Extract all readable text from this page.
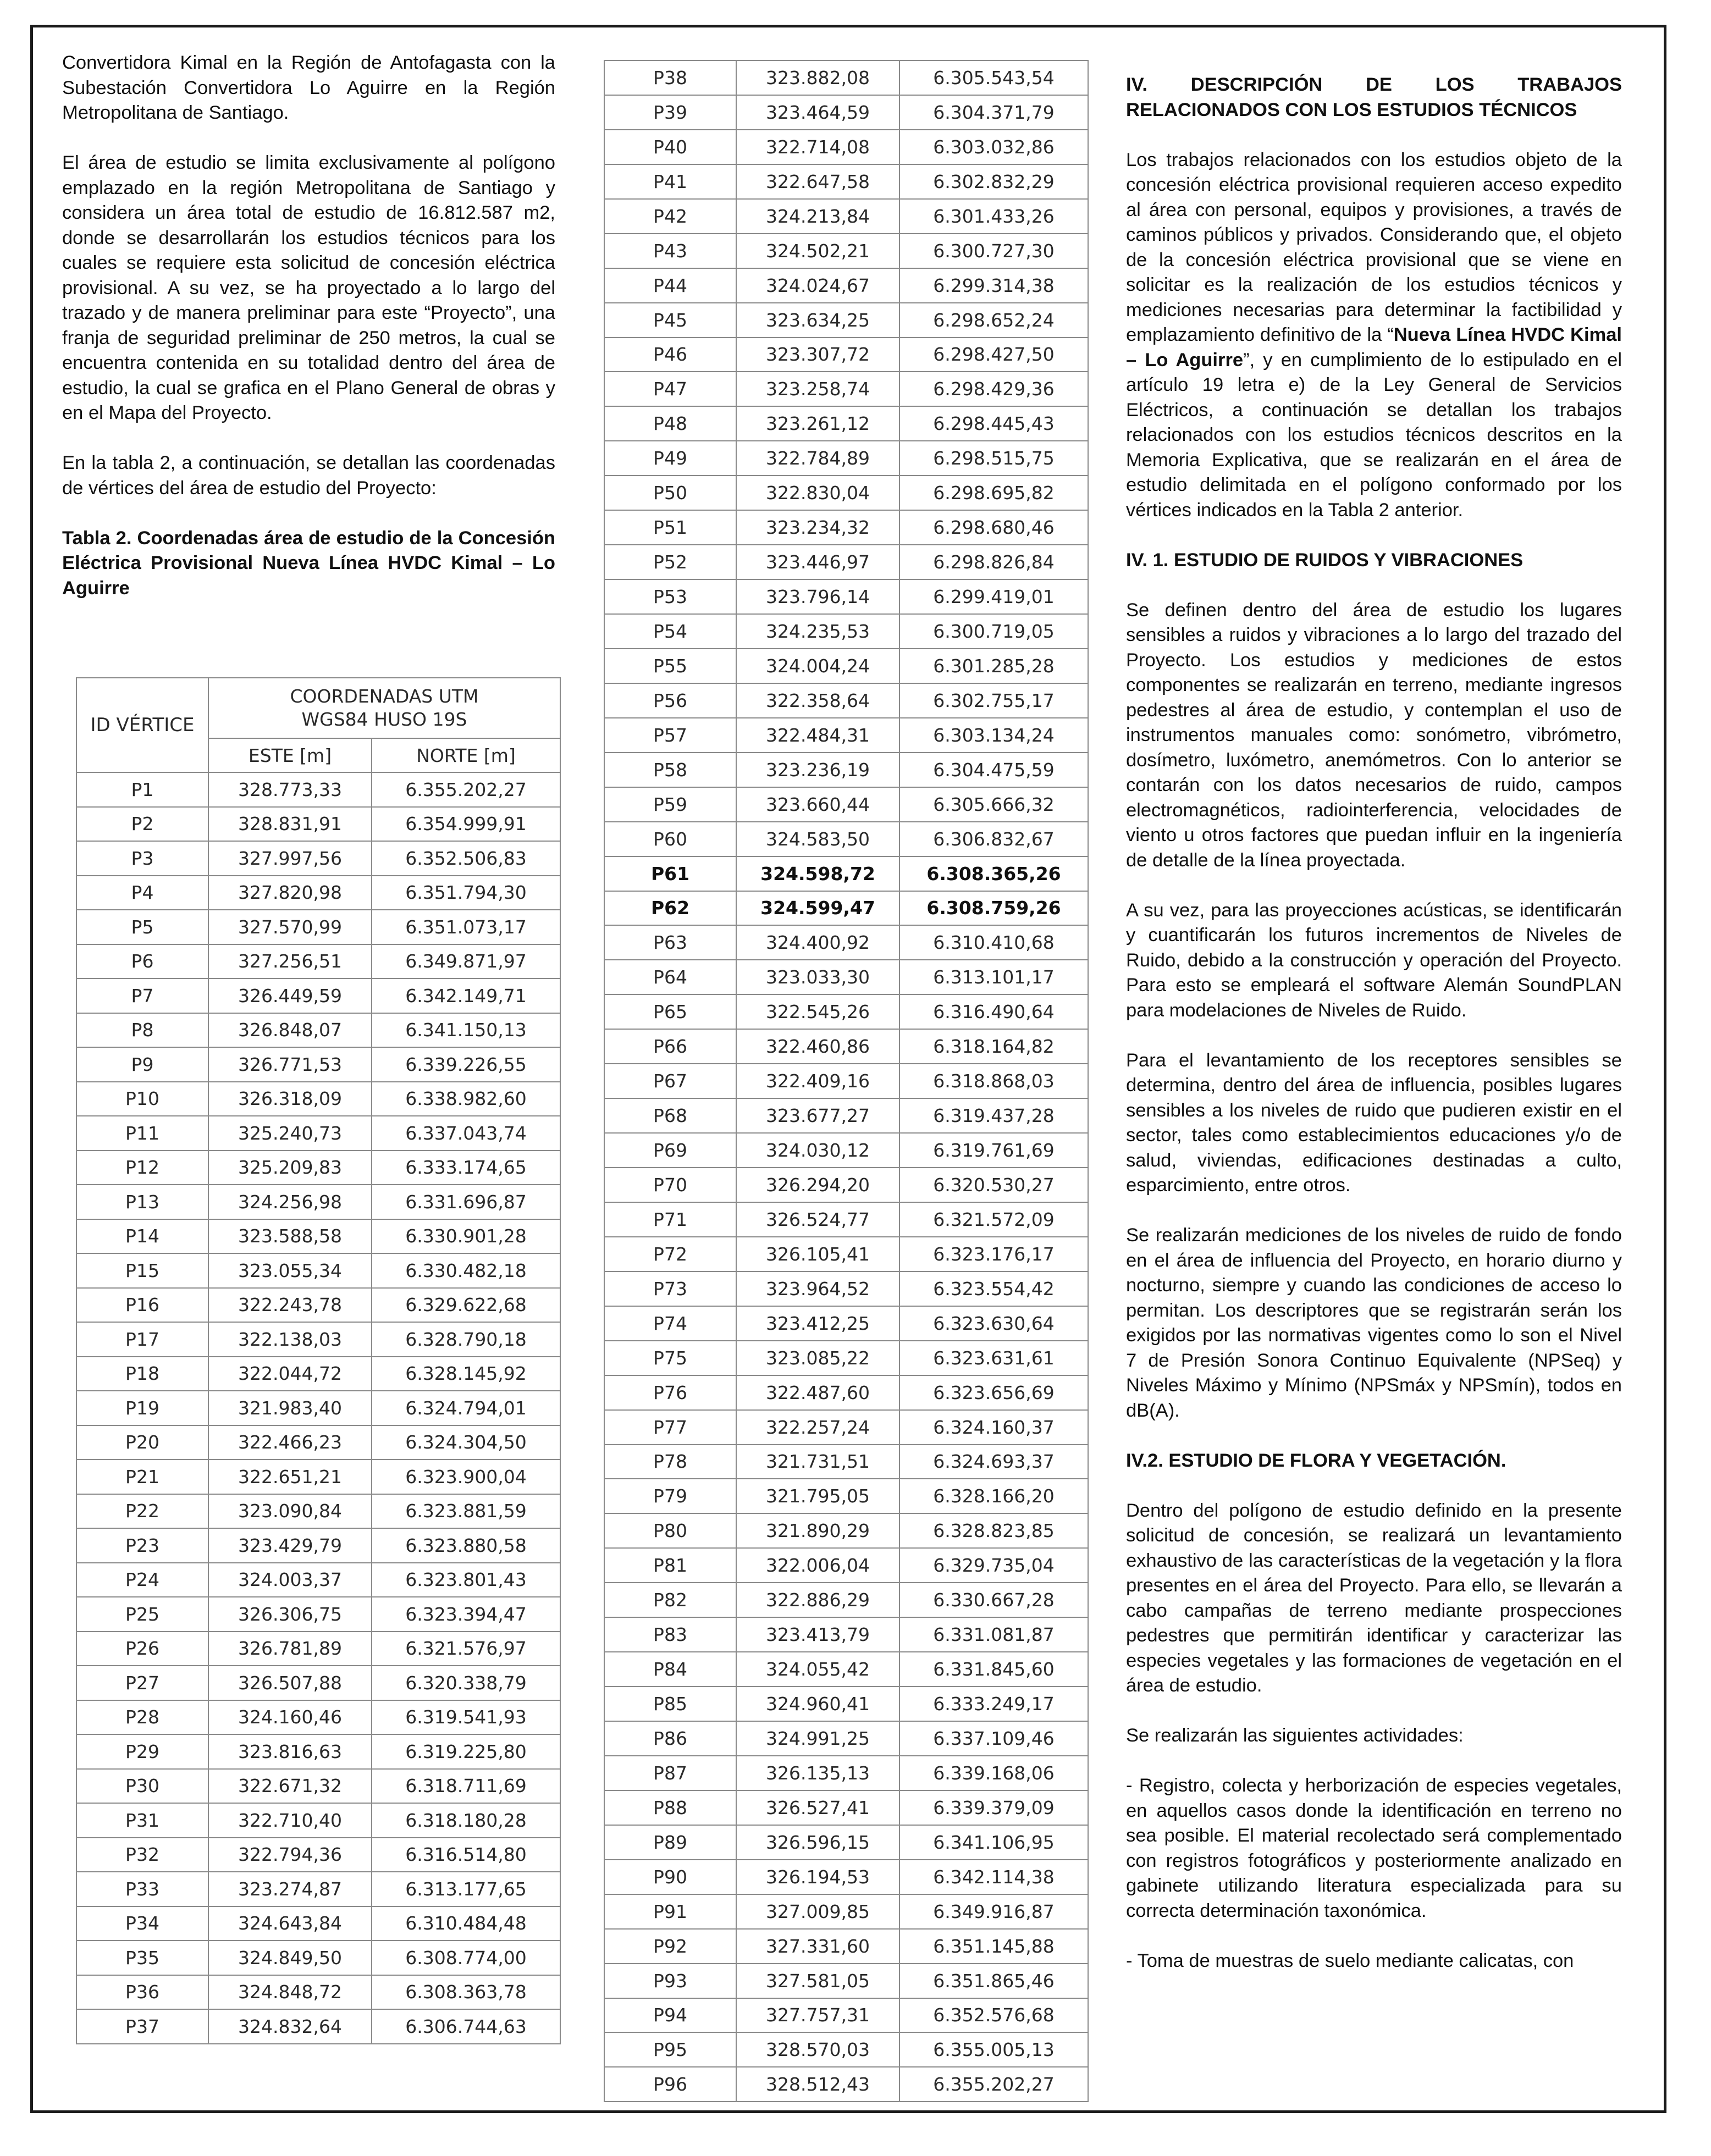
Convertidora Kimal en la Región de Antofagasta con la Subestación Convertidora Lo Aguirre en la Región Metropolitana de Santiago.

El área de estudio se limita exclusivamente al polígono emplazado en la región Metropolitana de Santiago y considera un área total de estudio de 16.812.587 m2, donde se desarrollarán los estudios técnicos para los cuales se requiere esta solicitud de concesión eléctrica provisional. A su vez, se ha proyectado a lo largo del trazado y de manera preliminar para este “Proyecto”, una franja de seguridad preliminar de 250 metros, la cual se encuentra contenida en su totalidad dentro del área de estudio, la cual se grafica en el Plano General de obras y en el Mapa del Proyecto.

En la tabla 2, a continuación, se detallan las coordenadas de vértices del área de estudio del Proyecto:

Tabla 2. Coordenadas área de estudio de la Concesión Eléctrica Provisional Nueva Línea HVDC Kimal – Lo Aguirre

ID VÉRTICE	COORDENADAS UTM WGS84 HUSO 19S	
	ESTE [m]	NORTE [m]
P1	328.773,33	6.355.202,27
P2	328.831,91	6.354.999,91
P3	327.997,56	6.352.506,83
P4	327.820,98	6.351.794,30
P5	327.570,99	6.351.073,17
P6	327.256,51	6.349.871,97
P7	326.449,59	6.342.149,71
P8	326.848,07	6.341.150,13
P9	326.771,53	6.339.226,55
P10	326.318,09	6.338.982,60
P11	325.240,73	6.337.043,74
P12	325.209,83	6.333.174,65
P13	324.256,98	6.331.696,87
P14	323.588,58	6.330.901,28
P15	323.055,34	6.330.482,18
P16	322.243,78	6.329.622,68
P17	322.138,03	6.328.790,18
P18	322.044,72	6.328.145,92
P19	321.983,40	6.324.794,01
P20	322.466,23	6.324.304,50
P21	322.651,21	6.323.900,04
P22	323.090,84	6.323.881,59
P23	323.429,79	6.323.880,58
P24	324.003,37	6.323.801,43
P25	326.306,75	6.323.394,47
P26	326.781,89	6.321.576,97
P27	326.507,88	6.320.338,79
P28	324.160,46	6.319.541,93
P29	323.816,63	6.319.225,80
P30	322.671,32	6.318.711,69
P31	322.710,40	6.318.180,28
P32	322.794,36	6.316.514,80
P33	323.274,87	6.313.177,65
P34	324.643,84	6.310.484,48
P35	324.849,50	6.308.774,00
P36	324.848,72	6.308.363,78
P37	324.832,64	6.306.744,63
P38	323.882,08	6.305.543,54
P39	323.464,59	6.304.371,79
P40	322.714,08	6.303.032,86
P41	322.647,58	6.302.832,29
P42	324.213,84	6.301.433,26
P43	324.502,21	6.300.727,30
P44	324.024,67	6.299.314,38
P45	323.634,25	6.298.652,24
P46	323.307,72	6.298.427,50
P47	323.258,74	6.298.429,36
P48	323.261,12	6.298.445,43
P49	322.784,89	6.298.515,75
P50	322.830,04	6.298.695,82
P51	323.234,32	6.298.680,46
P52	323.446,97	6.298.826,84
P53	323.796,14	6.299.419,01
P54	324.235,53	6.300.719,05
P55	324.004,24	6.301.285,28
P56	322.358,64	6.302.755,17
P57	322.484,31	6.303.134,24
P58	323.236,19	6.304.475,59
P59	323.660,44	6.305.666,32
P60	324.583,50	6.306.832,67
P61	324.598,72	6.308.365,26
P62	324.599,47	6.308.759,26
P63	324.400,92	6.310.410,68
P64	323.033,30	6.313.101,17
P65	322.545,26	6.316.490,64
P66	322.460,86	6.318.164,82
P67	322.409,16	6.318.868,03
P68	323.677,27	6.319.437,28
P69	324.030,12	6.319.761,69
P70	326.294,20	6.320.530,27
P71	326.524,77	6.321.572,09
P72	326.105,41	6.323.176,17
P73	323.964,52	6.323.554,42
P74	323.412,25	6.323.630,64
P75	323.085,22	6.323.631,61
P76	322.487,60	6.323.656,69
P77	322.257,24	6.324.160,37
P78	321.731,51	6.324.693,37
P79	321.795,05	6.328.166,20
P80	321.890,29	6.328.823,85
P81	322.006,04	6.329.735,04
P82	322.886,29	6.330.667,28
P83	323.413,79	6.331.081,87
P84	324.055,42	6.331.845,60
P85	324.960,41	6.333.249,17
P86	324.991,25	6.337.109,46
P87	326.135,13	6.339.168,06
P88	326.527,41	6.339.379,09
P89	326.596,15	6.341.106,95
P90	326.194,53	6.342.114,38
P91	327.009,85	6.349.916,87
P92	327.331,60	6.351.145,88
P93	327.581,05	6.351.865,46
P94	327.757,31	6.352.576,68
P95	328.570,03	6.355.005,13
P96	328.512,43	6.355.202,27
IV. DESCRIPCIÓN DE LOS TRABAJOS RELACIONADOS CON LOS ESTUDIOS TÉCNICOS

Los trabajos relacionados con los estudios objeto de la concesión eléctrica provisional requieren acceso expedito al área con personal, equipos y provisiones, a través de caminos públicos y privados. Considerando que, el objeto de la concesión eléctrica provisional que se viene en solicitar es la realización de los estudios técnicos y mediciones necesarias para determinar la factibilidad y emplazamiento definitivo de la “Nueva Línea HVDC Kimal – Lo Aguirre”, y en cumplimiento de lo estipulado en el artículo 19 letra e) de la Ley General de Servicios Eléctricos, a continuación se detallan los trabajos relacionados con los estudios técnicos descritos en la Memoria Explicativa, que se realizarán en el área de estudio delimitada en el polígono conformado por los vértices indicados en la Tabla 2 anterior.

IV. 1. ESTUDIO DE RUIDOS Y VIBRACIONES

Se definen dentro del área de estudio los lugares sensibles a ruidos y vibraciones a lo largo del trazado del Proyecto. Los estudios y mediciones de estos componentes se realizarán en terreno, mediante ingresos pedestres al área de estudio, y contemplan el uso de instrumentos manuales como: sonómetro, vibrómetro, dosímetro, luxómetro, anemómetros. Con lo anterior se contarán con los datos necesarios de ruido, campos electromagnéticos, radiointerferencia, velocidades de viento u otros factores que puedan influir en la ingeniería de detalle de la línea proyectada.

A su vez, para las proyecciones acústicas, se identificarán y cuantificarán los futuros incrementos de Niveles de Ruido, debido a la construcción y operación del Proyecto. Para esto se empleará el software Alemán SoundPLAN para modelaciones de Niveles de Ruido.

Para el levantamiento de los receptores sensibles se determina, dentro del área de influencia, posibles lugares sensibles a los niveles de ruido que pudieren existir en el sector, tales como establecimientos educaciones y/o de salud, viviendas, edificaciones destinadas a culto, esparcimiento, entre otros.

Se realizarán mediciones de los niveles de ruido de fondo en el área de influencia del Proyecto, en horario diurno y nocturno, siempre y cuando las condiciones de acceso lo permitan. Los descriptores que se registrarán serán los exigidos por las normativas vigentes como lo son el Nivel 7 de Presión Sonora Continuo Equivalente (NPSeq) y Niveles Máximo y Mínimo (NPSmáx y NPSmín), todos en dB(A).

IV.2. ESTUDIO DE FLORA Y VEGETACIÓN.

Dentro del polígono de estudio definido en la presente solicitud de concesión, se realizará un levantamiento exhaustivo de las características de la vegetación y la flora presentes en el área del Proyecto. Para ello, se llevarán a cabo campañas de terreno mediante prospecciones pedestres que permitirán identificar y caracterizar las especies vegetales y las formaciones de vegetación en el área de estudio.

Se realizarán las siguientes actividades:

- Registro, colecta y herborización de especies vegetales, en aquellos casos donde la identificación en terreno no sea posible. El material recolectado será complementado con registros fotográficos y posteriormente analizado en gabinete utilizando literatura especializada para su correcta determinación taxonómica.

- Toma de muestras de suelo mediante calicatas, con
